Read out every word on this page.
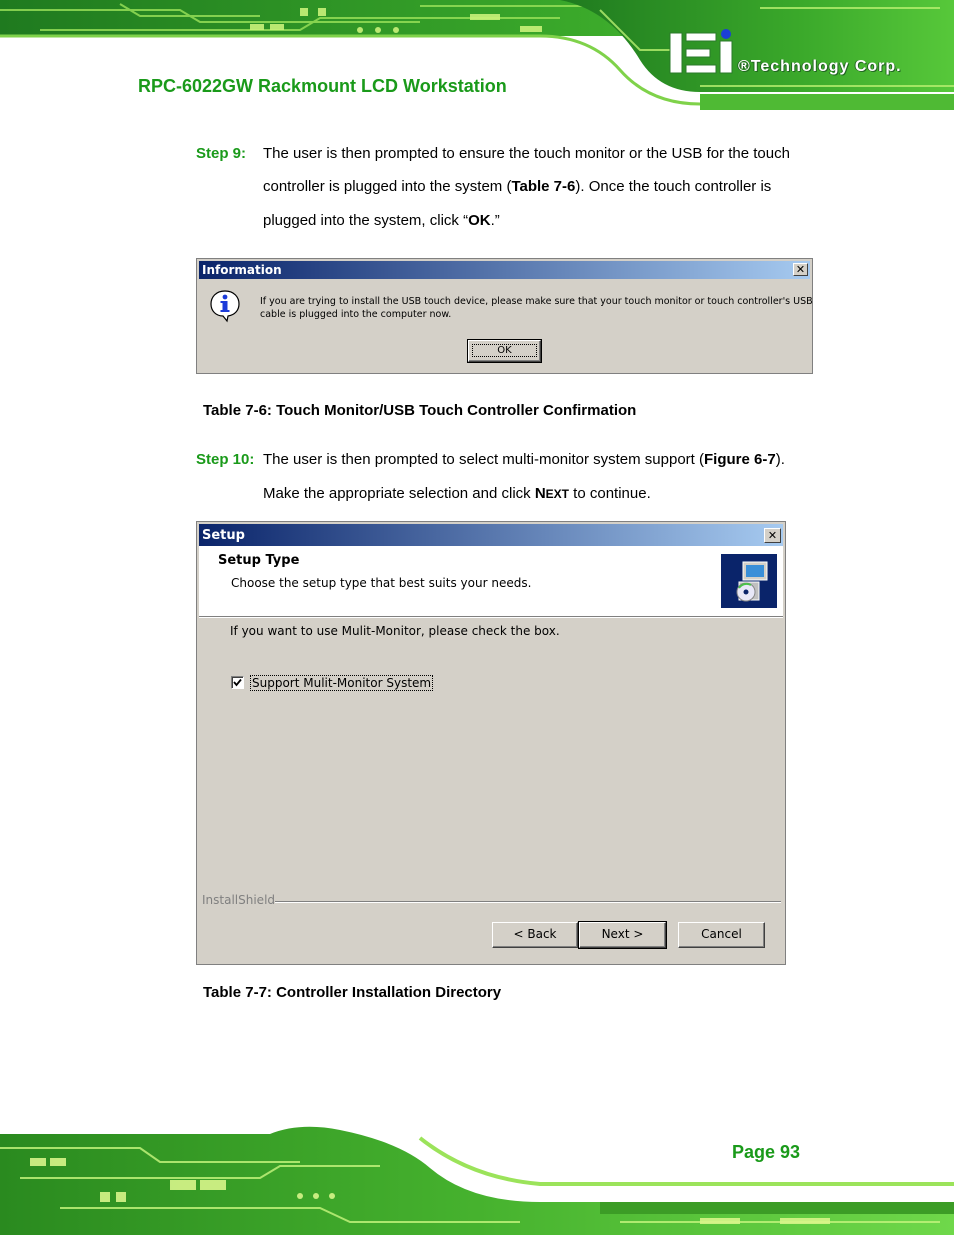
®Technology Corp.
RPC-6022GW Rackmount LCD Workstation
Step 9: The user is then prompted to ensure the touch monitor or the USB for the touch
controller is plugged into the system (Table 7-6). Once the touch controller is
plugged into the system, click “OK.”
Information	✕
If you are trying to install the USB touch device, please make sure that your touch monitor or touch controller's USB
cable is plugged into the computer now.
OK
Table 7-6: Touch Monitor/USB Touch Controller Confirmation
Step 10: The user is then prompted to select multi-monitor system support (Figure 6-7).
Make the appropriate selection and click NEXT to continue.
Setup	✕
Setup Type
Choose the setup type that best suits your needs.
If you want to use Mulit-Monitor, please check the box.
Support Mulit-Monitor System
InstallShield
< Back	Next >	Cancel
Table 7-7: Controller Installation Directory
Page 93
